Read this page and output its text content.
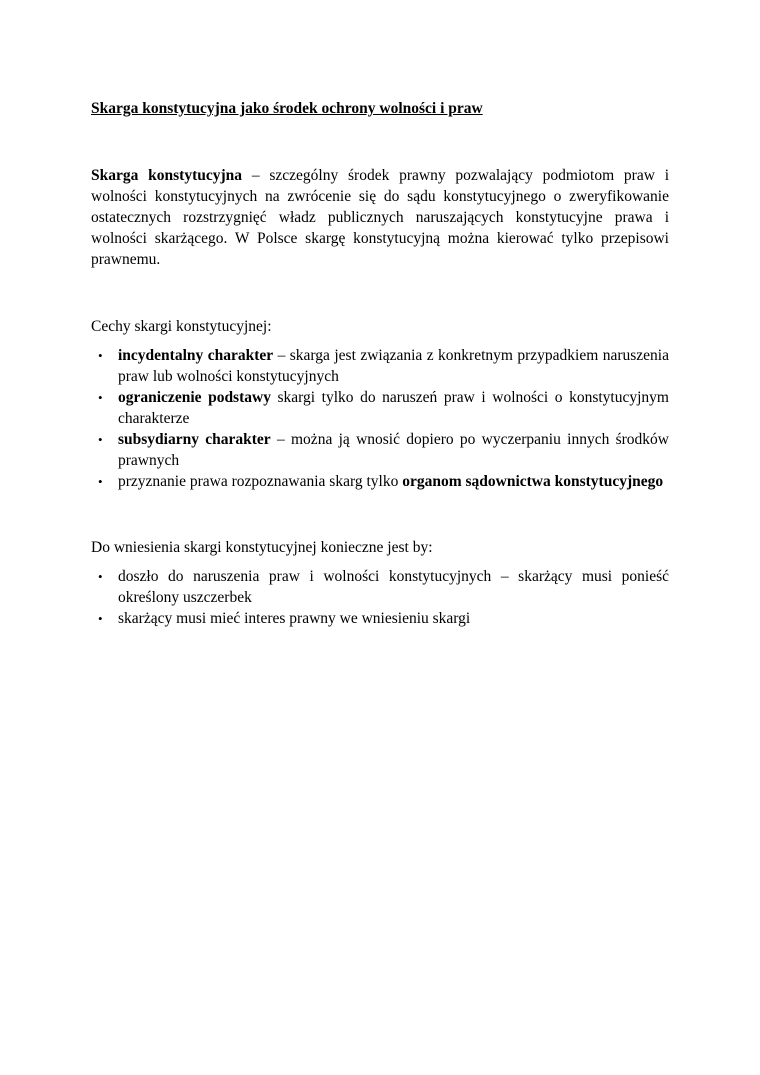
Skarga konstytucyjna jako środek ochrony wolności i praw

Skarga konstytucyjna – szczególny środek prawny pozwalający podmiotom praw i wolności konstytucyjnych na zwrócenie się do sądu konstytucyjnego o zweryfikowanie ostatecznych rozstrzygnięć władz publicznych naruszających konstytucyjne prawa i wolności skarżącego. W Polsce skargę konstytucyjną można kierować tylko przepisowi prawnemu.

Cechy skargi konstytucyjnej:

• incydentalny charakter – skarga jest związania z konkretnym przypadkiem naruszenia praw lub wolności konstytucyjnych
• ograniczenie podstawy skargi tylko do naruszeń praw i wolności o konstytucyjnym charakterze
• subsydiarny charakter – można ją wnosić dopiero po wyczerpaniu innych środków prawnych
• przyznanie prawa rozpoznawania skarg tylko organom sądownictwa konstytucyjnego

Do wniesienia skargi konstytucyjnej konieczne jest by:

• doszło do naruszenia praw i wolności konstytucyjnych – skarżący musi ponieść określony uszczerbek
• skarżący musi mieć interes prawny we wniesieniu skargi
